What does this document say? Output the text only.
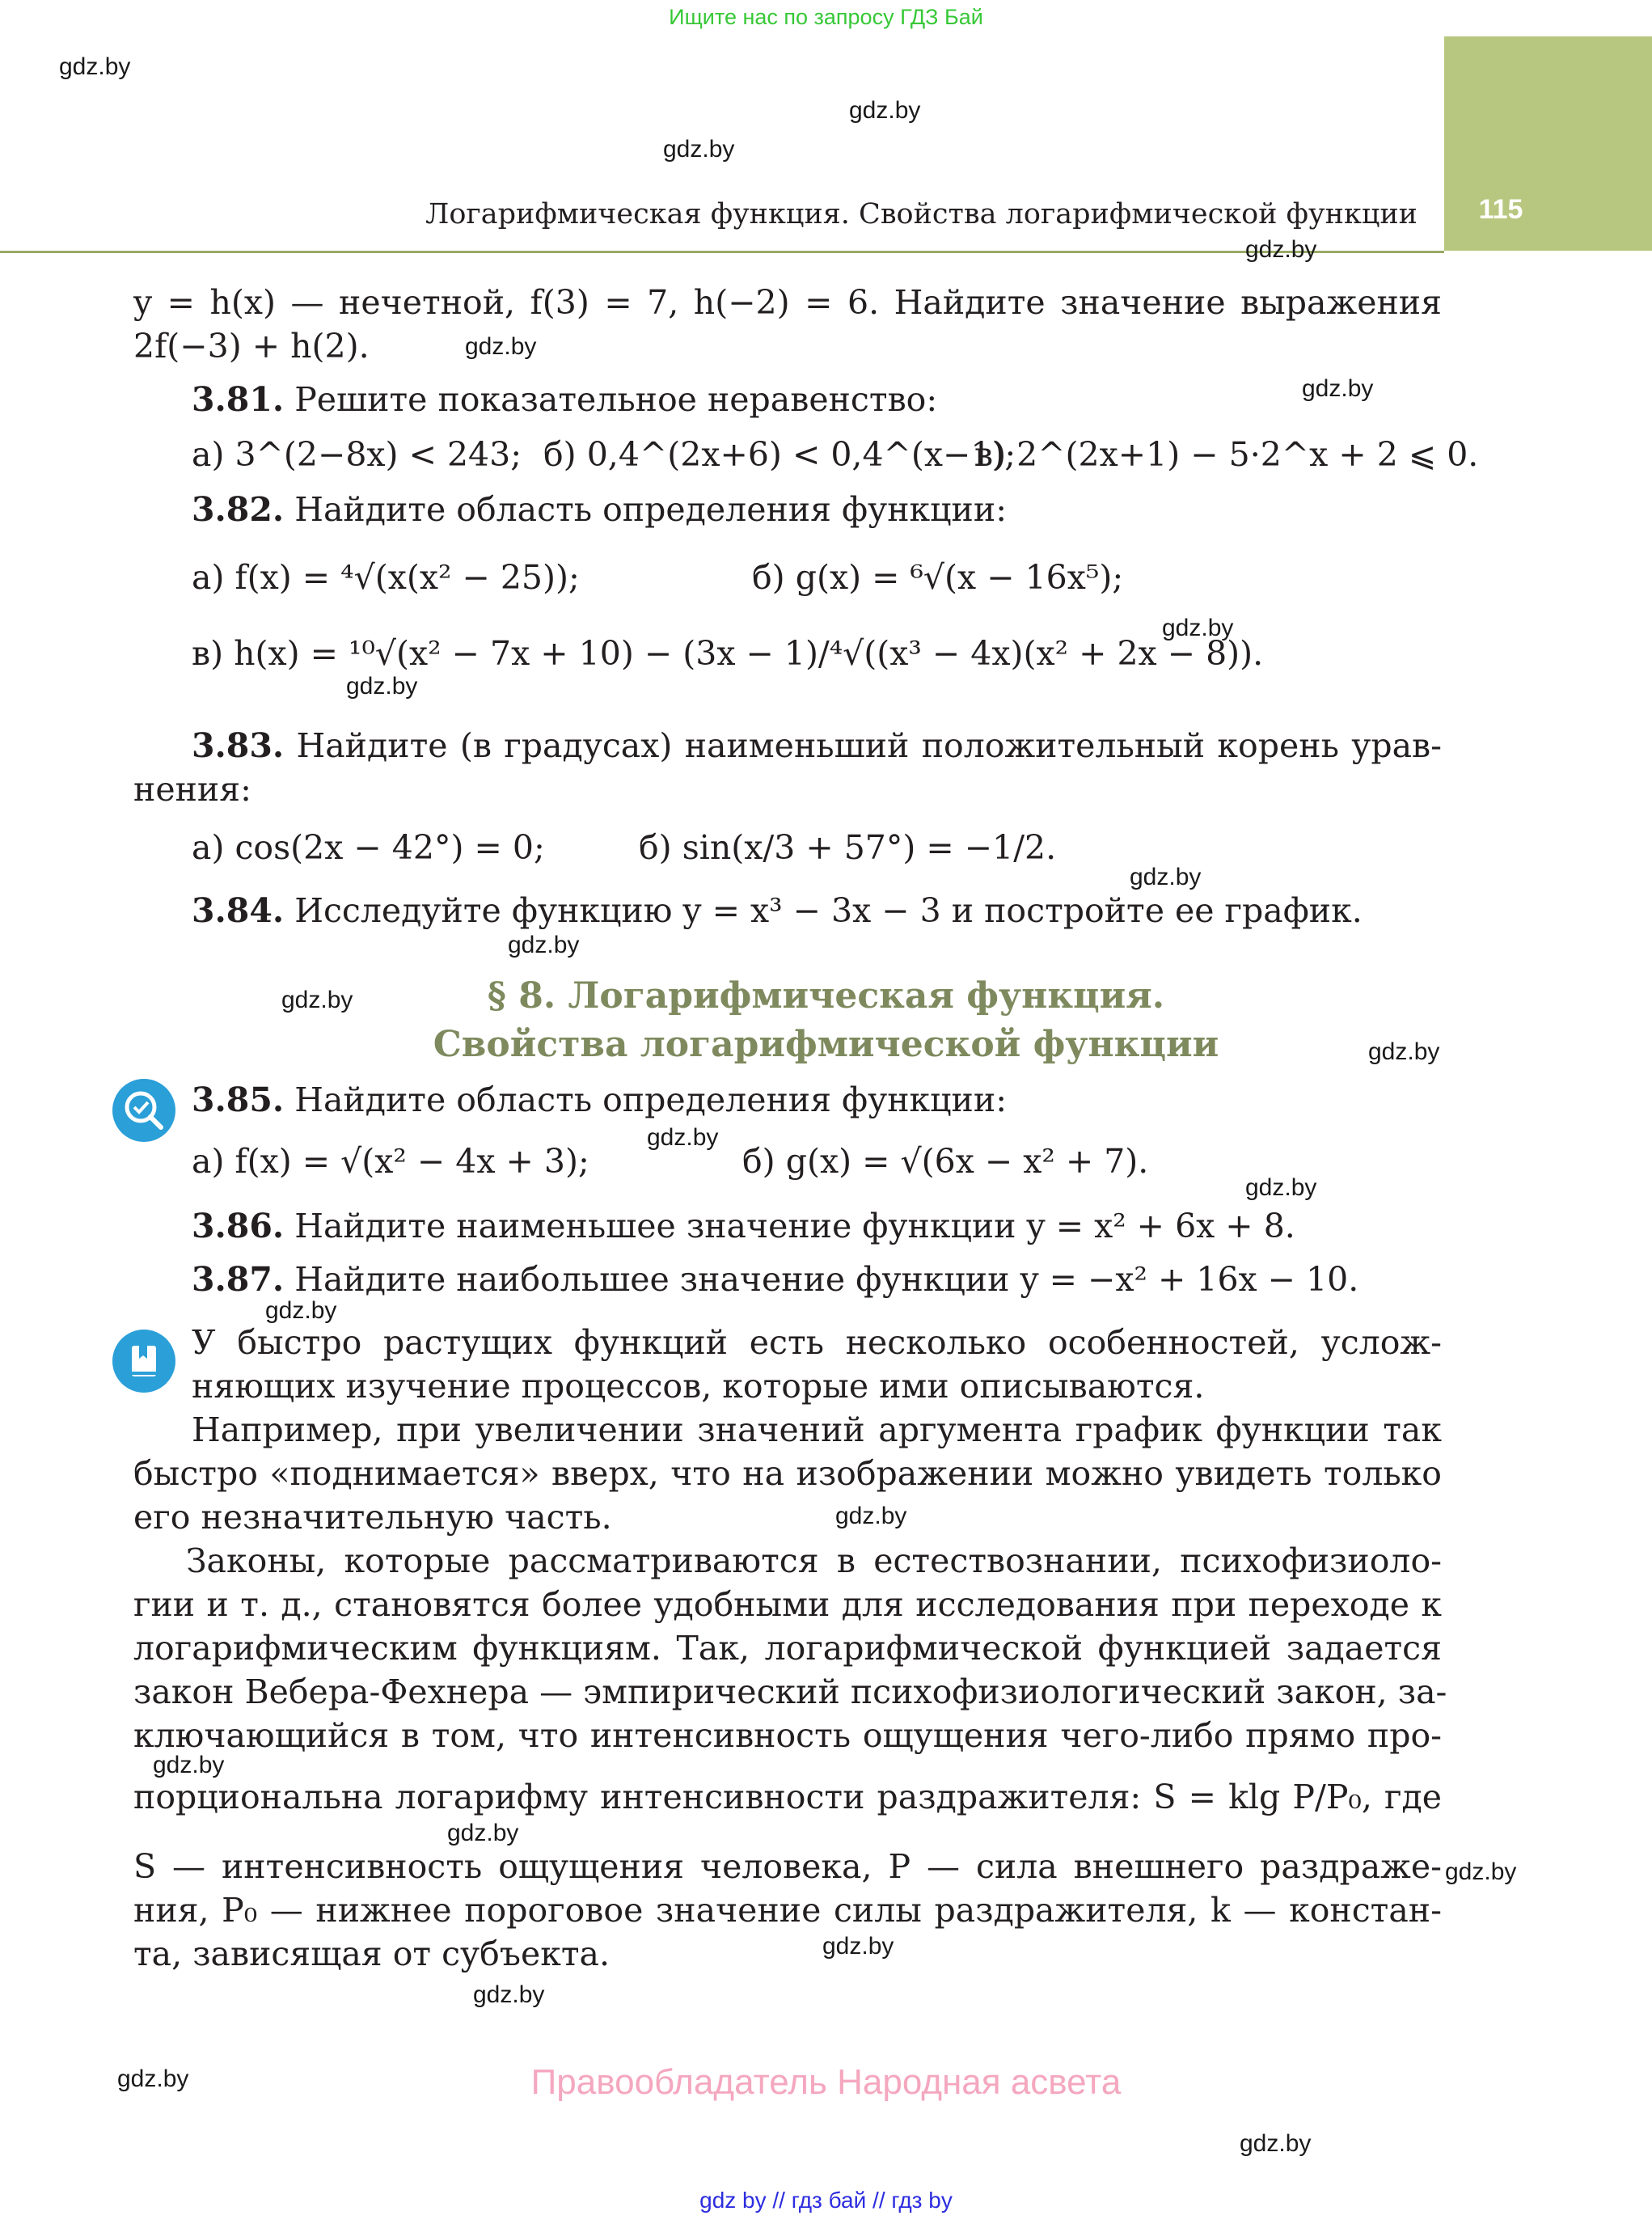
Ищите нас по запросу ГДЗ Бай
115
Логарифмическая функция. Свойства логарифмической функции
gdz.by
gdz.by
gdz.by
gdz.by
gdz.by
gdz.by
gdz.by
gdz.by
gdz.by
gdz.by
gdz.by
gdz.by
gdz.by
gdz.by
gdz.by
gdz.by
gdz.by
gdz.by
gdz.by
gdz.by
gdz.by
gdz.by
gdz.by
y = h(x) — нечетной, f(3) = 7, h(−2) = 6. Найдите значение выражения
2f(−3) + h(2).
3.81. Решите показательное неравенство:
а) 3^(2−8x) < 243; б) 0,4^(2x+6) < 0,4^(x−1);
в) 2^(2x+1) − 5·2^x + 2 ⩽ 0.
3.82. Найдите область определения функции:
а) f(x) = ⁴√(x(x² − 25));	б) g(x) = ⁶√(x − 16x⁵);
в) h(x) = ¹⁰√(x² − 7x + 10) − (3x − 1)/⁴√((x³ − 4x)(x² + 2x − 8)).
3.83. Найдите (в градусах) наименьший положительный корень урав-
нения:
а) cos(2x − 42°) = 0;	б) sin(x/3 + 57°) = −1/2.
3.84. Исследуйте функцию y = x³ − 3x − 3 и постройте ее график.
§ 8. Логарифмическая функция.
Свойства логарифмической функции
3.85. Найдите область определения функции:
а) f(x) = √(x² − 4x + 3);	б) g(x) = √(6x − x² + 7).
3.86. Найдите наименьшее значение функции y = x² + 6x + 8.
3.87. Найдите наибольшее значение функции y = −x² + 16x − 10.
У быстро растущих функций есть несколько особенностей, услож-
няющих изучение процессов, которые ими описываются.
Например, при увеличении значений аргумента график функции так
быстро «поднимается» вверх, что на изображении можно увидеть только
его незначительную часть.
Законы, которые рассматриваются в естествознании, психофизиоло-
гии и т. д., становятся более удобными для исследования при переходе к
логарифмическим функциям. Так, логарифмической функцией задается
закон Вебера-Фехнера — эмпирический психофизиологический закон, за-
ключающийся в том, что интенсивность ощущения чего-либо прямо про-
порциональна логарифму интенсивности раздражителя: S = klg P/P₀, где
S — интенсивность ощущения человека, P — сила внешнего раздраже-
ния, P₀ — нижнее пороговое значение силы раздражителя, k — констан-
та, зависящая от субъекта.
Правообладатель Народная асвета
gdz by // гдз бай // гдз by
